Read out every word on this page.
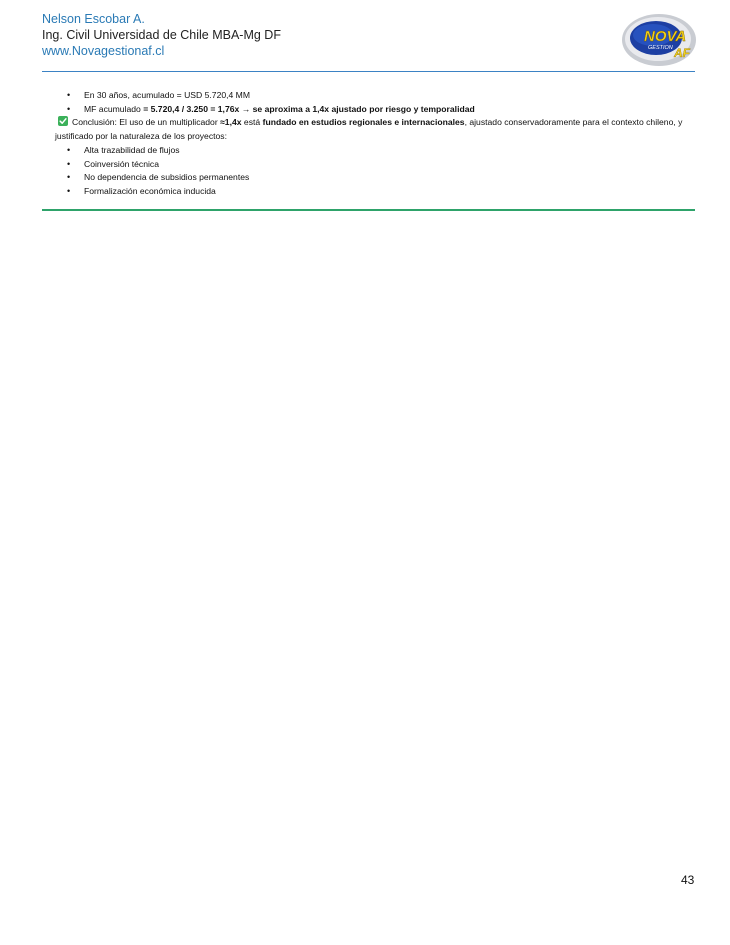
Nelson Escobar A.
Ing. Civil Universidad de Chile MBA-Mg DF
www.Novagestionaf.cl
NOVA
GESTION AF
• En 30 años, acumulado = USD 5.720,4 MM
• MF acumulado = 5.720,4 / 3.250 = 1,76x → se aproxima a 1,4x ajustado por riesgo y temporalidad
Conclusión: El uso de un multiplicador ≈1,4x está fundado en estudios regionales e internacionales, ajustado conservadoramente para el contexto chileno, y justificado por la naturaleza de los proyectos:
• Alta trazabilidad de flujos
• Coinversión técnica
• No dependencia de subsidios permanentes
• Formalización económica inducida
43
